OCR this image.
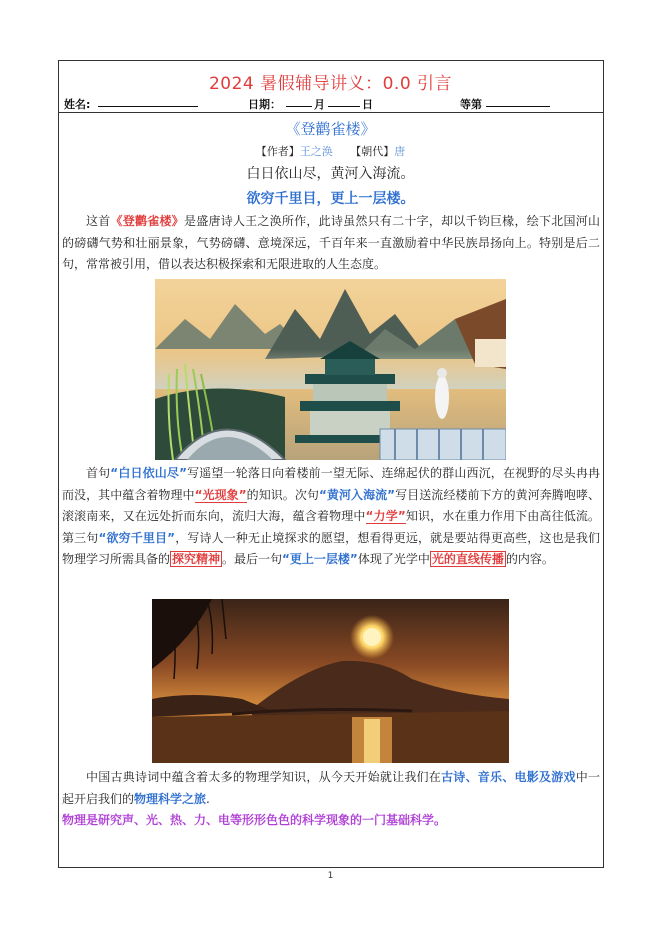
2024 暑假辅导讲义：0.0 引言
姓名:	日期：	月	日	等第
《登鹳雀楼》
【作者】王之涣 【朝代】唐
白日依山尽，黄河入海流。
欲穷千里目，更上一层楼。
这首《登鹳雀楼》是盛唐诗人王之涣所作，此诗虽然只有二十字，却以千钧巨椽，绘下北国河山的磅礴气势和壮丽景象，气势磅礴、意境深远，千百年来一直激励着中华民族昂扬向上。特别是后二句，常常被引用，借以表达积极探索和无限进取的人生态度。
首句“白日依山尽”写遥望一轮落日向着楼前一望无际、连绵起伏的群山西沉，在视野的尽头冉冉而没，其中蕴含着物理中“光现象”的知识。次句“黄河入海流”写目送流经楼前下方的黄河奔腾咆哮、滚滚南来，又在远处折而东向，流归大海，蕴含着物理中“力学”知识，水在重力作用下由高往低流。第三句“欲穷千里目”，写诗人一种无止境探求的愿望，想看得更远，就是要站得更高些，这也是我们物理学习所需具备的 探究精神 。最后一句“更上一层楼”体现了光学中 光的直线传播 的内容。
中国古典诗词中蕴含着太多的物理学知识，从今天开始就让我们在古诗、音乐、电影及游戏中一起开启我们的物理科学之旅.
物理是研究声、光、热、力、电等形形色色的科学现象的一门基础科学。
1
